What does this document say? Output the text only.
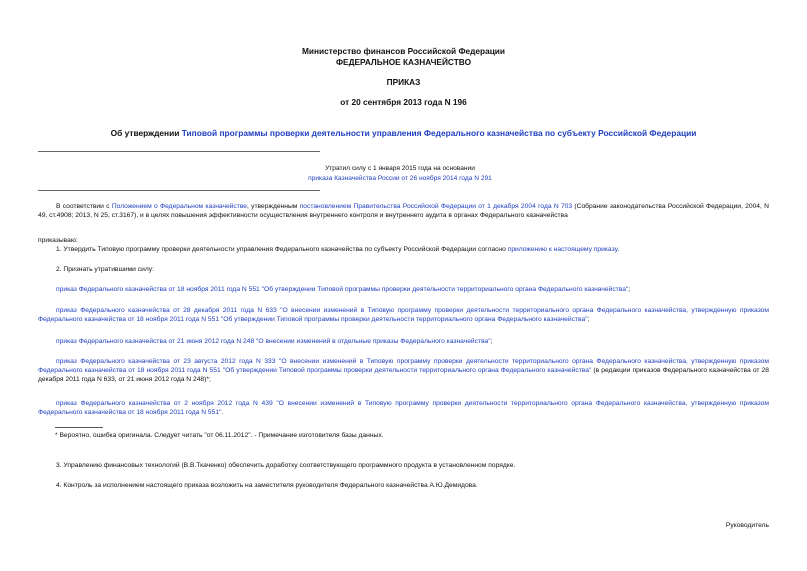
Министерство финансов Российской Федерации
ФЕДЕРАЛЬНОЕ КАЗНАЧЕЙСТВО
ПРИКАЗ
от 20 сентября 2013 года N 196
Об утверждении Типовой программы проверки деятельности управления Федерального казначейства по субъекту Российской Федерации
Утратил силу с 1 января 2015 года на основании
приказа Казначейства России от 26 ноября 2014 года N 291
В соответствии с Положением о Федеральном казначействе, утвержденным постановлением Правительства Российской Федерации от 1 декабря 2004 года N 703 (Собрание законодательства Российской Федерации, 2004, N 49, ст.4908; 2013, N 25, ст.3167), и в целях повышения эффективности осуществления внутреннего контроля и внутреннего аудита в органах Федерального казначейства
приказываю:
1. Утвердить Типовую программу проверки деятельности управления Федерального казначейства по субъекту Российской Федерации согласно приложению к настоящему приказу.
2. Признать утратившими силу:
приказ Федерального казначейства от 18 ноября 2011 года N 551 "Об утверждении Типовой программы проверки деятельности территориального органа Федерального казначейства";
приказ Федерального казначейства от 28 декабря 2011 года N 633 "О внесении изменений в Типовую программу проверки деятельности территориального органа Федерального казначейства, утвержденную приказом Федерального казначейства от 18 ноября 2011 года N 551 "Об утверждении Типовой программы проверки деятельности территориального органа Федерального казначейства";
приказ Федерального казначейства от 21 июня 2012 года N 248 "О внесении изменений в отдельные приказы Федерального казначейства";
приказ Федерального казначейства от 23 августа 2012 года N 333 "О внесении изменений в Типовую программу проверки деятельности территориального органа Федерального казначейства, утвержденную приказом Федерального казначейства от 18 ноября 2011 года N 551 "Об утверждении Типовой программы проверки деятельности территориального органа Федерального казначейства" (в редакции приказов Федерального казначейства от 28 декабря 2011 года N 633, от 21 июня 2012 года N 248)*;
приказ Федерального казначейства от 2 ноября 2012 года N 439 "О внесении изменений в Типовую программу проверки деятельности территориального органа Федерального казначейства, утвержденную приказом Федерального казначейства от 18 ноября 2011 года N 551".
* Вероятно, ошибка оригинала. Следует читать "от 06.11.2012". - Примечание изготовителя базы данных.
3. Управлению финансовых технологий (В.В.Ткаченко) обеспечить доработку соответствующего программного продукта в установленном порядке.
4. Контроль за исполнением настоящего приказа возложить на заместителя руководителя Федерального казначейства А.Ю.Демидова.
Руководитель
